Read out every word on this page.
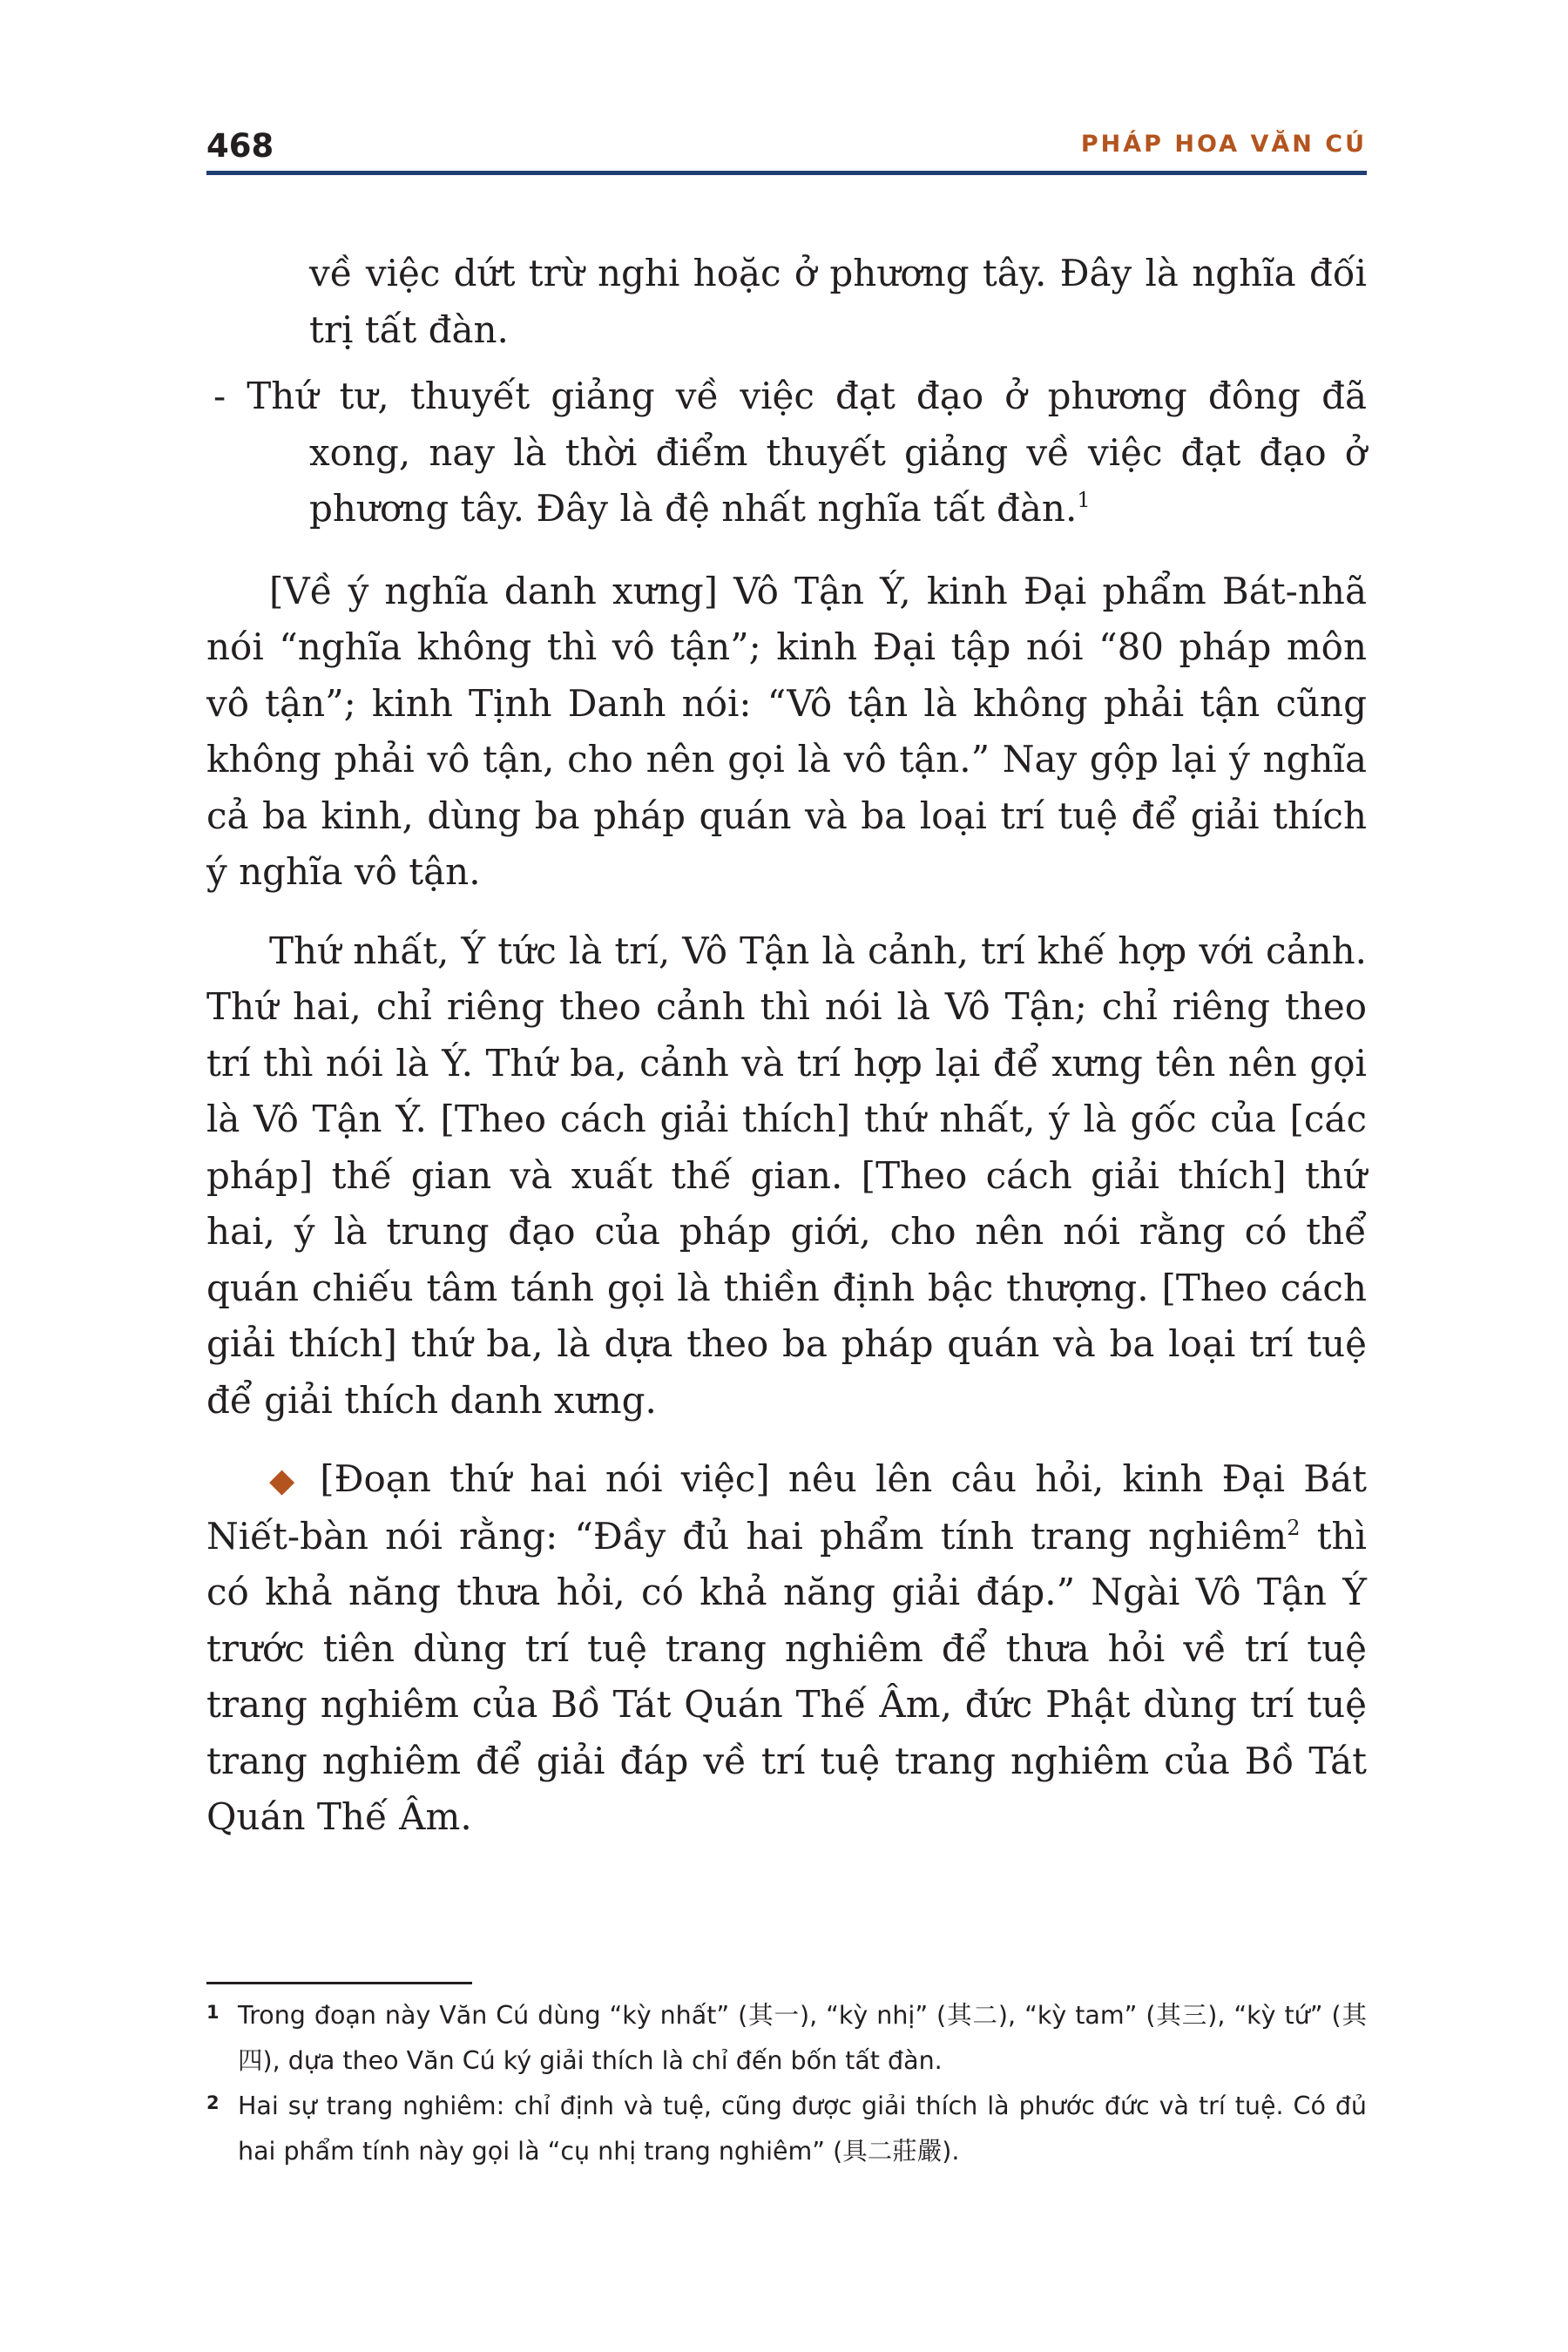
468	PHÁP HOA VĂN CÚ

về việc dứt trừ nghi hoặc ở phương tây. Đây là nghĩa đối trị tất đàn.

- Thứ tư, thuyết giảng về việc đạt đạo ở phương đông đã xong, nay là thời điểm thuyết giảng về việc đạt đạo ở phương tây. Đây là đệ nhất nghĩa tất đàn.$^1$

[Về ý nghĩa danh xưng] Vô Tận Ý, kinh Đại phẩm Bát-nhã nói “nghĩa không thì vô tận”; kinh Đại tập nói “80 pháp môn vô tận”; kinh Tịnh Danh nói: “Vô tận là không phải tận cũng không phải vô tận, cho nên gọi là vô tận.” Nay gộp lại ý nghĩa cả ba kinh, dùng ba pháp quán và ba loại trí tuệ để giải thích ý nghĩa vô tận.

Thứ nhất, Ý tức là trí, Vô Tận là cảnh, trí khế hợp với cảnh. Thứ hai, chỉ riêng theo cảnh thì nói là Vô Tận; chỉ riêng theo trí thì nói là Ý. Thứ ba, cảnh và trí hợp lại để xưng tên nên gọi là Vô Tận Ý. [Theo cách giải thích] thứ nhất, ý là gốc của [các pháp] thế gian và xuất thế gian. [Theo cách giải thích] thứ hai, ý là trung đạo của pháp giới, cho nên nói rằng có thể quán chiếu tâm tánh gọi là thiền định bậc thượng. [Theo cách giải thích] thứ ba, là dựa theo ba pháp quán và ba loại trí tuệ để giải thích danh xưng.

◆ [Đoạn thứ hai nói việc] nêu lên câu hỏi, kinh Đại Bát Niết-bàn nói rằng: “Đầy đủ hai phẩm tính trang nghiêm$^2$ thì có khả năng thưa hỏi, có khả năng giải đáp.” Ngài Vô Tận Ý trước tiên dùng trí tuệ trang nghiêm để thưa hỏi về trí tuệ trang nghiêm của Bồ Tát Quán Thế Âm, đức Phật dùng trí tuệ trang nghiêm để giải đáp về trí tuệ trang nghiêm của Bồ Tát Quán Thế Âm.

1 Trong đoạn này Văn Cú dùng “kỳ nhất” (其一), “kỳ nhị” (其二), “kỳ tam” (其三), “kỳ tứ” (其四), dựa theo Văn Cú ký giải thích là chỉ đến bốn tất đàn.

2 Hai sự trang nghiêm: chỉ định và tuệ, cũng được giải thích là phước đức và trí tuệ. Có đủ hai phẩm tính này gọi là “cụ nhị trang nghiêm” (具二莊嚴).
